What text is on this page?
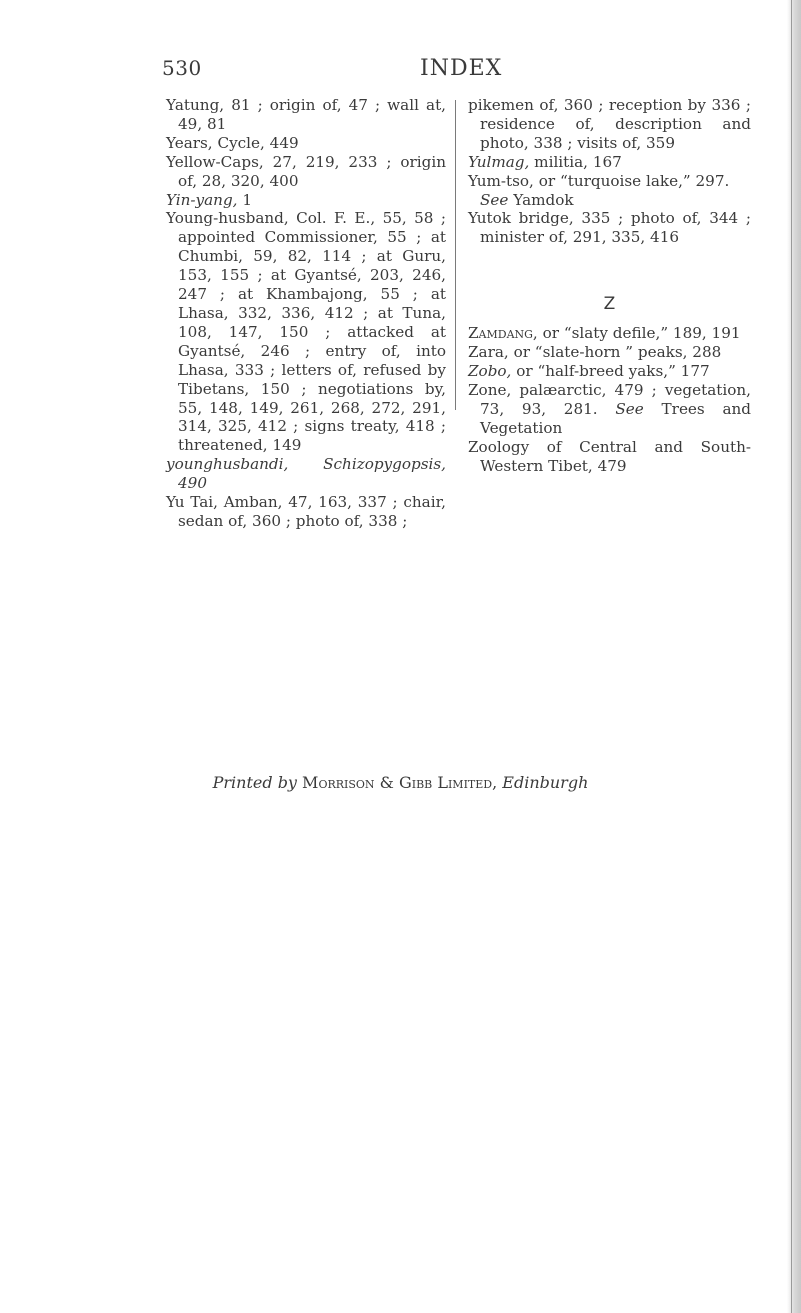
530	INDEX
Yatung, 81 ; origin of, 47 ; wall at, 49, 81
Years, Cycle, 449
Yellow-Caps, 27, 219, 233 ; origin of, 28, 320, 400
Yin-yang, 1
Young-husband, Col. F. E., 55, 58 ; appointed Commissioner, 55 ; at Chumbi, 59, 82, 114 ; at Guru, 153, 155 ; at Gyantsé, 203, 246, 247 ; at Khambajong, 55 ; at Lhasa, 332, 336, 412 ; at Tuna, 108, 147, 150 ; attacked at Gyantsé, 246 ; entry of, into Lhasa, 333 ; letters of, refused by Tibetans, 150 ; negotiations by, 55, 148, 149, 261, 268, 272, 291, 314, 325, 412 ; signs treaty, 418 ; threatened, 149
younghusbandi, Schizopygopsis, 490
Yu Tai, Amban, 47, 163, 337 ; chair, sedan of, 360 ; photo of, 338 ;
pikemen of, 360 ; reception by 336 ; residence of, description and photo, 338 ; visits of, 359
Yulmag, militia, 167
Yum-tso, or “turquoise lake,” 297.
See Yamdok
Yutok bridge, 335 ; photo of, 344 ; minister of, 291, 335, 416
Z
Zamdang, or “slaty defile,” 189, 191
Zara, or “slate-horn ” peaks, 288
Zobo, or “half-breed yaks,” 177
Zone, palæarctic, 479 ; vegetation, 73, 93, 281. See Trees and Vegetation
Zoology of Central and South-Western Tibet, 479
Printed by Morrison & Gibb Limited, Edinburgh
